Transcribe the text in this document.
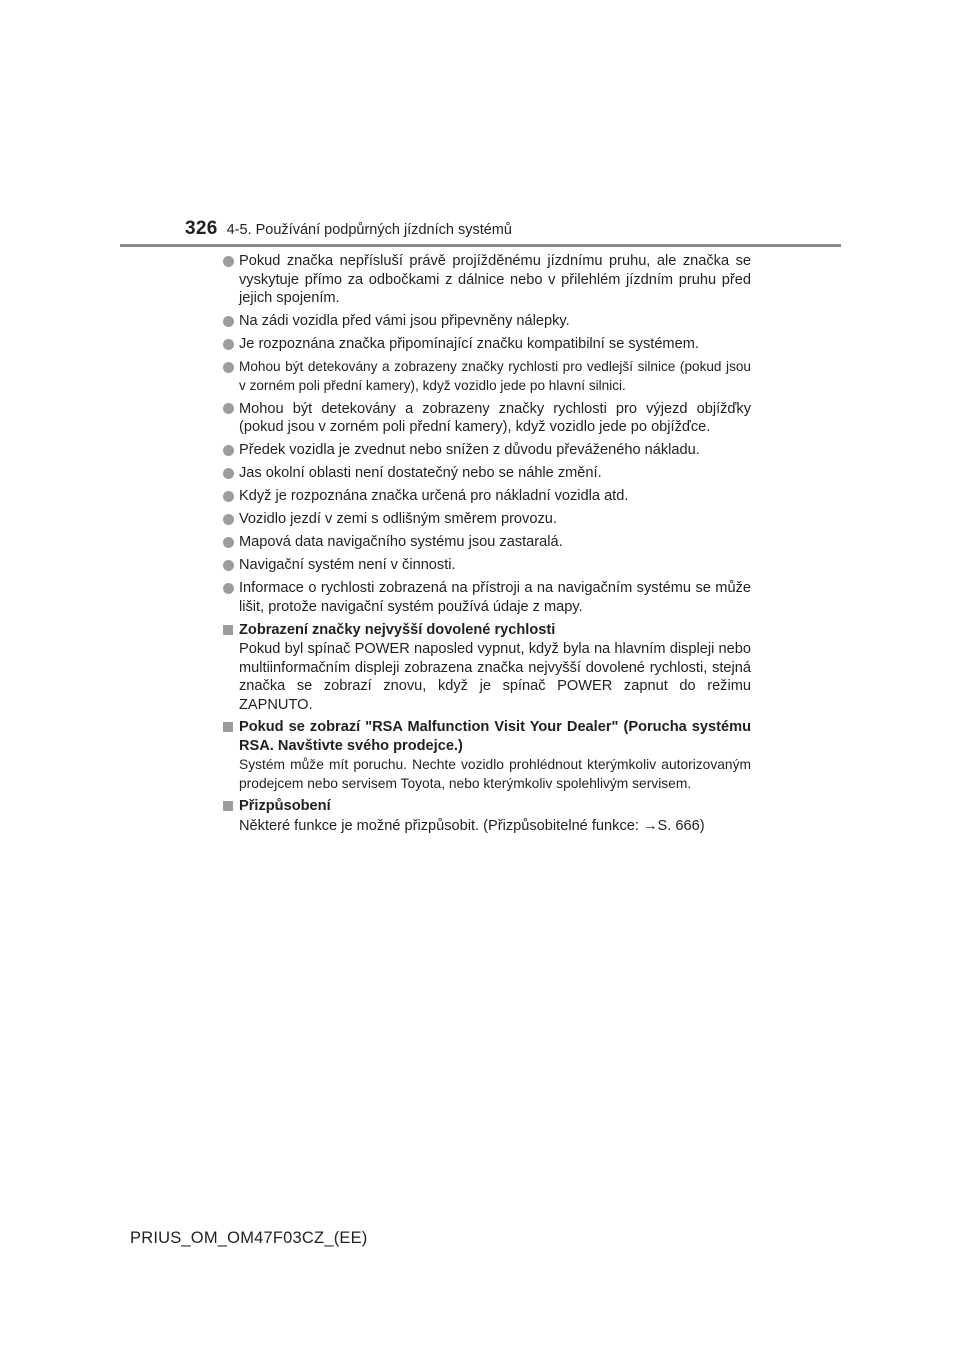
326 4-5. Používání podpůrných jízdních systémů
Pokud značka nepřísluší právě projížděnému jízdnímu pruhu, ale značka se vyskytuje přímo za odbočkami z dálnice nebo v přilehlém jízdním pruhu před jejich spojením.
Na zádi vozidla před vámi jsou připevněny nálepky.
Je rozpoznána značka připomínající značku kompatibilní se systémem.
Mohou být detekovány a zobrazeny značky rychlosti pro vedlejší silnice (pokud jsou v zorném poli přední kamery), když vozidlo jede po hlavní silnici.
Mohou být detekovány a zobrazeny značky rychlosti pro výjezd objížďky (pokud jsou v zorném poli přední kamery), když vozidlo jede po objížďce.
Předek vozidla je zvednut nebo snížen z důvodu převáženého nákladu.
Jas okolní oblasti není dostatečný nebo se náhle změní.
Když je rozpoznána značka určená pro nákladní vozidla atd.
Vozidlo jezdí v zemi s odlišným směrem provozu.
Mapová data navigačního systému jsou zastaralá.
Navigační systém není v činnosti.
Informace o rychlosti zobrazená na přístroji a na navigačním systému se může lišit, protože navigační systém používá údaje z mapy.
Zobrazení značky nejvyšší dovolené rychlosti
Pokud byl spínač POWER naposled vypnut, když byla na hlavním displeji nebo multiinformačním displeji zobrazena značka nejvyšší dovolené rychlosti, stejná značka se zobrazí znovu, když je spínač POWER zapnut do režimu ZAPNUTO.
Pokud se zobrazí "RSA Malfunction Visit Your Dealer" (Porucha systému RSA. Navštivte svého prodejce.)
Systém může mít poruchu. Nechte vozidlo prohlédnout kterýmkoliv autorizovaným prodejcem nebo servisem Toyota, nebo kterýmkoliv spolehlivým servisem.
Přizpůsobení
Některé funkce je možné přizpůsobit. (Přizpůsobitelné funkce: →S. 666)
PRIUS_OM_OM47F03CZ_(EE)
